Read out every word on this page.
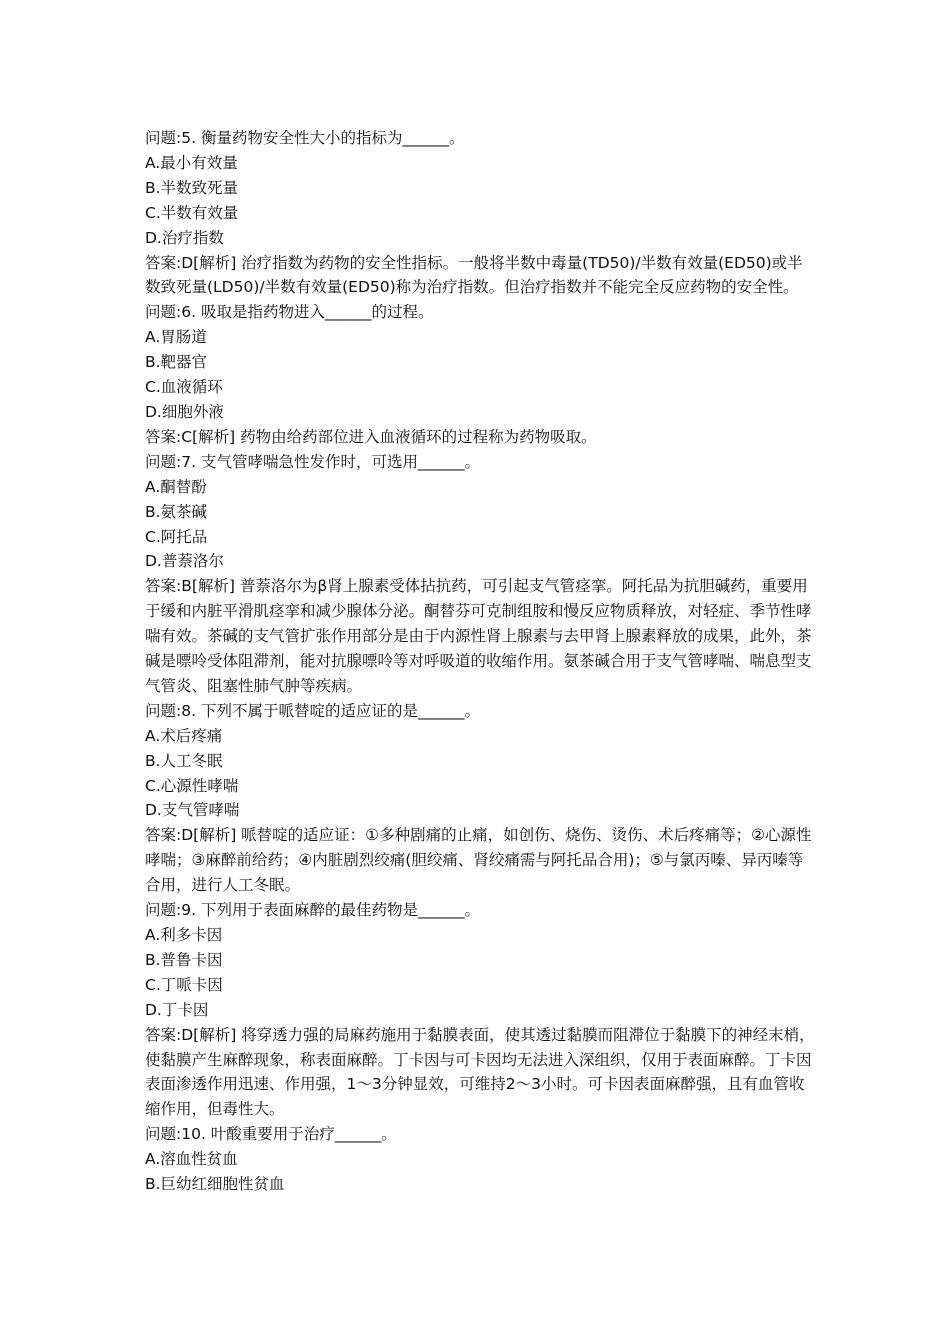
问题:5. 衡量药物安全性大小的指标为______。

A.最小有效量

B.半数致死量

C.半数有效量

D.治疗指数

答案:D[解析] 治疗指数为药物的安全性指标。一般将半数中毒量(TD50)/半数有效量(ED50)或半数致死量(LD50)/半数有效量(ED50)称为治疗指数。但治疗指数并不能完全反应药物的安全性。

问题:6. 吸取是指药物进入______的过程。

A.胃肠道

B.靶器官

C.血液循环

D.细胞外液

答案:C[解析] 药物由给药部位进入血液循环的过程称为药物吸取。

问题:7. 支气管哮喘急性发作时，可选用______。

A.酮替酚

B.氨茶碱

C.阿托品

D.普萘洛尔

答案:B[解析] 普萘洛尔为β肾上腺素受体拈抗药，可引起支气管痉挛。阿托品为抗胆碱药，重要用于缓和内脏平滑肌痉挛和减少腺体分泌。酮替芬可克制组胺和慢反应物质释放，对轻症、季节性哮喘有效。茶碱的支气管扩张作用部分是由于内源性肾上腺素与去甲肾上腺素释放的成果，此外，茶碱是嘌呤受体阻滞剂，能对抗腺嘌呤等对呼吸道的收缩作用。氨茶碱合用于支气管哮喘、喘息型支气管炎、阻塞性肺气肿等疾病。

问题:8. 下列不属于哌替啶的适应证的是______。

A.术后疼痛

B.人工冬眠

C.心源性哮喘

D.支气管哮喘

答案:D[解析] 哌替啶的适应证：①多种剧痛的止痛，如创伤、烧伤、烫伤、术后疼痛等；②心源性哮喘；③麻醉前给药；④内脏剧烈绞痛(胆绞痛、肾绞痛需与阿托品合用)；⑤与氯丙嗪、异丙嗪等合用，进行人工冬眠。

问题:9. 下列用于表面麻醉的最佳药物是______。

A.利多卡因

B.普鲁卡因

C.丁哌卡因

D.丁卡因

答案:D[解析] 将穿透力强的局麻药施用于黏膜表面，使其透过黏膜而阻滞位于黏膜下的神经末梢，使黏膜产生麻醉现象，称表面麻醉。丁卡因与可卡因均无法进入深组织，仅用于表面麻醉。丁卡因表面渗透作用迅速、作用强，1～3分钟显效，可维持2～3小时。可卡因表面麻醉强，且有血管收缩作用，但毒性大。

问题:10. 叶酸重要用于治疗______。

A.溶血性贫血

B.巨幼红细胞性贫血
